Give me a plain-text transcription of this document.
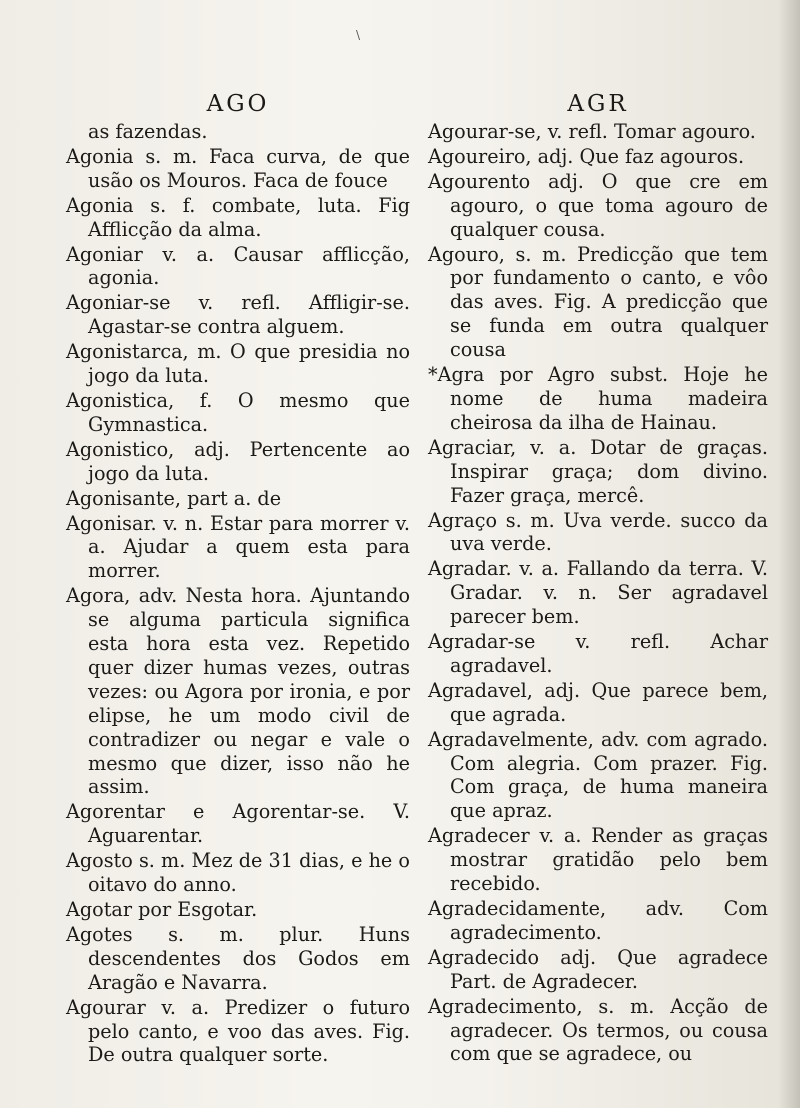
\
AGO

as fazendas.

Agonia s. m. Faca curva, de que usão os Mouros. Faca de fouce

Agonia s. f. combate, luta. Fig Afflicção da alma.

Agoniar v. a. Causar afflicção, agonia.

Agoniar-se v. refl. Affligir-se. Agastar-se contra alguem.

Agonistarca, m. O que presidia no jogo da luta.

Agonistica, f. O mesmo que Gymnastica.

Agonistico, adj. Pertencente ao jogo da luta.

Agonisante, part a. de

Agonisar. v. n. Estar para morrer v. a. Ajudar a quem esta para morrer.

Agora, adv. Nesta hora. Ajuntando se alguma particula significa esta hora esta vez. Repetido quer dizer humas vezes, outras vezes: ou Agora por ironia, e por elipse, he um modo civil de contradizer ou negar e vale o mesmo que dizer, isso não he assim.

Agorentar e Agorentar-se. V. Aguarentar.

Agosto s. m. Mez de 31 dias, e he o oitavo do anno.

Agotar por Esgotar.

Agotes s. m. plur. Huns descendentes dos Godos em Aragão e Navarra.

Agourar v. a. Predizer o futuro pelo canto, e voo das aves. Fig. De outra qualquer sorte.

AGR

Agourar-se, v. refl. Tomar agouro.

Agoureiro, adj. Que faz agouros.

Agourento adj. O que cre em agouro, o que toma agouro de qualquer cousa.

Agouro, s. m. Predicção que tem por fundamento o canto, e vôo das aves. Fig. A predicção que se funda em outra qualquer cousa

*Agra por Agro subst. Hoje he nome de huma madeira cheirosa da ilha de Hainau.

Agraciar, v. a. Dotar de graças. Inspirar graça; dom divino. Fazer graça, mercê.

Agraço s. m. Uva verde. succo da uva verde.

Agradar. v. a. Fallando da terra. V. Gradar. v. n. Ser agradavel parecer bem.

Agradar-se v. refl. Achar agradavel.

Agradavel, adj. Que parece bem, que agrada.

Agradavelmente, adv. com agrado. Com alegria. Com prazer. Fig. Com graça, de huma maneira que apraz.

Agradecer v. a. Render as graças mostrar gratidão pelo bem recebido.

Agradecidamente, adv. Com agradecimento.

Agradecido adj. Que agradece Part. de Agradecer.

Agradecimento, s. m. Acção de agradecer. Os termos, ou cousa com que se agradece, ou
